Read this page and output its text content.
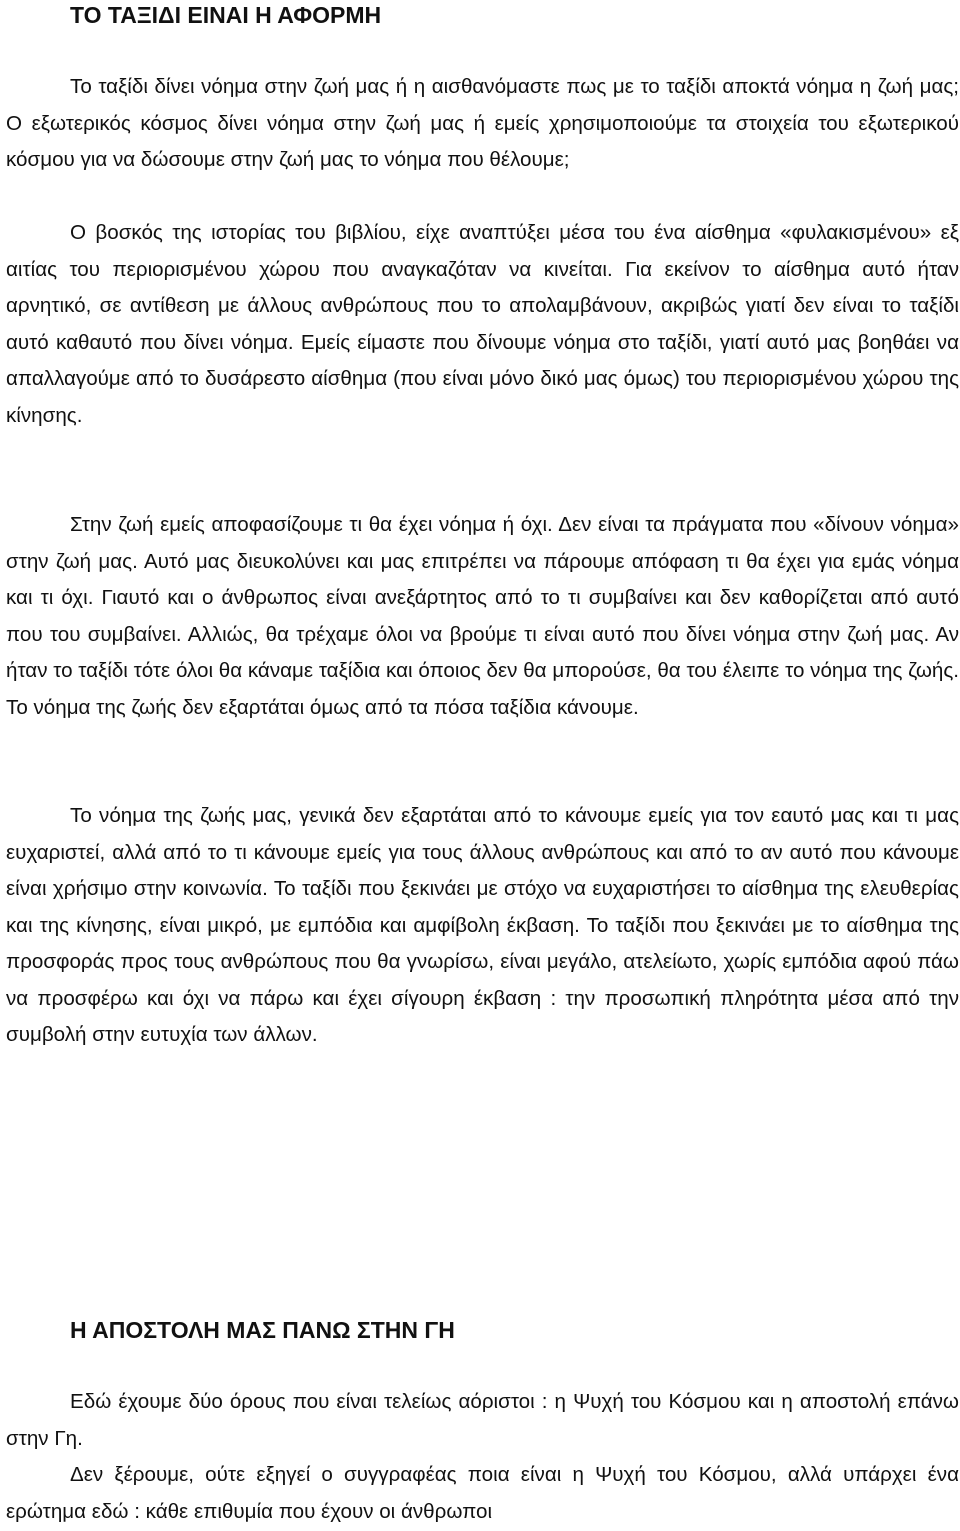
ΤΟ ΤΑΞΙΔΙ ΕΙΝΑΙ Η ΑΦΟΡΜΗ

Το ταξίδι δίνει νόημα στην ζωή μας ή η αισθανόμαστε πως με το ταξίδι αποκτά νόημα η ζωή μας; Ο εξωτερικός κόσμος δίνει νόημα στην ζωή μας ή εμείς χρησιμοποιούμε τα στοιχεία του εξωτερικού κόσμου για να δώσουμε στην ζωή μας το νόημα που θέλουμε;

Ο βοσκός της ιστορίας του βιβλίου, είχε αναπτύξει μέσα του ένα αίσθημα «φυλακισμένου» εξ αιτίας του περιορισμένου χώρου που αναγκαζόταν να κινείται. Για εκείνον το αίσθημα αυτό ήταν αρνητικό, σε αντίθεση με άλλους ανθρώπους που το απολαμβάνουν, ακριβώς γιατί δεν είναι το ταξίδι αυτό καθαυτό που δίνει νόημα. Εμείς είμαστε που δίνουμε νόημα στο ταξίδι, γιατί αυτό μας βοηθάει να απαλλαγούμε από το δυσάρεστο αίσθημα (που είναι μόνο δικό μας όμως) του περιορισμένου χώρου της κίνησης.

Στην ζωή εμείς αποφασίζουμε τι θα έχει νόημα ή όχι. Δεν είναι τα πράγματα που «δίνουν νόημα» στην ζωή μας. Αυτό μας διευκολύνει και μας επιτρέπει να πάρουμε απόφαση τι θα έχει για εμάς νόημα και τι όχι. Γιαυτό και ο άνθρωπος είναι ανεξάρτητος από το τι συμβαίνει και δεν καθορίζεται από αυτό που του συμβαίνει. Αλλιώς, θα τρέχαμε όλοι να βρούμε τι είναι αυτό που δίνει νόημα στην ζωή μας. Αν ήταν το ταξίδι τότε όλοι θα κάναμε ταξίδια και όποιος δεν θα μπορούσε, θα του έλειπε το νόημα της ζωής. Το νόημα της ζωής δεν εξαρτάται όμως από τα πόσα ταξίδια κάνουμε.

Το νόημα της ζωής μας, γενικά δεν εξαρτάται από το κάνουμε εμείς για τον εαυτό μας και τι μας ευχαριστεί, αλλά από το τι κάνουμε εμείς για τους άλλους ανθρώπους και από το αν αυτό που κάνουμε είναι χρήσιμο στην κοινωνία. Το ταξίδι που ξεκινάει με στόχο να ευχαριστήσει το αίσθημα της ελευθερίας και της κίνησης, είναι μικρό, με εμπόδια και αμφίβολη έκβαση. Το ταξίδι που ξεκινάει με το αίσθημα της προσφοράς προς τους ανθρώπους που θα γνωρίσω, είναι μεγάλο, ατελείωτο, χωρίς εμπόδια αφού πάω να προσφέρω και όχι να πάρω και έχει σίγουρη έκβαση : την προσωπική πληρότητα μέσα από την συμβολή στην ευτυχία των άλλων.

Η ΑΠΟΣΤΟΛΗ ΜΑΣ ΠΑΝΩ ΣΤΗΝ ΓΗ

Εδώ έχουμε δύο όρους που είναι τελείως αόριστοι : η Ψυχή του Κόσμου και η αποστολή επάνω στην Γη.

Δεν ξέρουμε, ούτε εξηγεί ο συγγραφέας ποια είναι η Ψυχή του Κόσμου, αλλά υπάρχει ένα ερώτημα εδώ : κάθε επιθυμία που έχουν οι άνθρωποι
